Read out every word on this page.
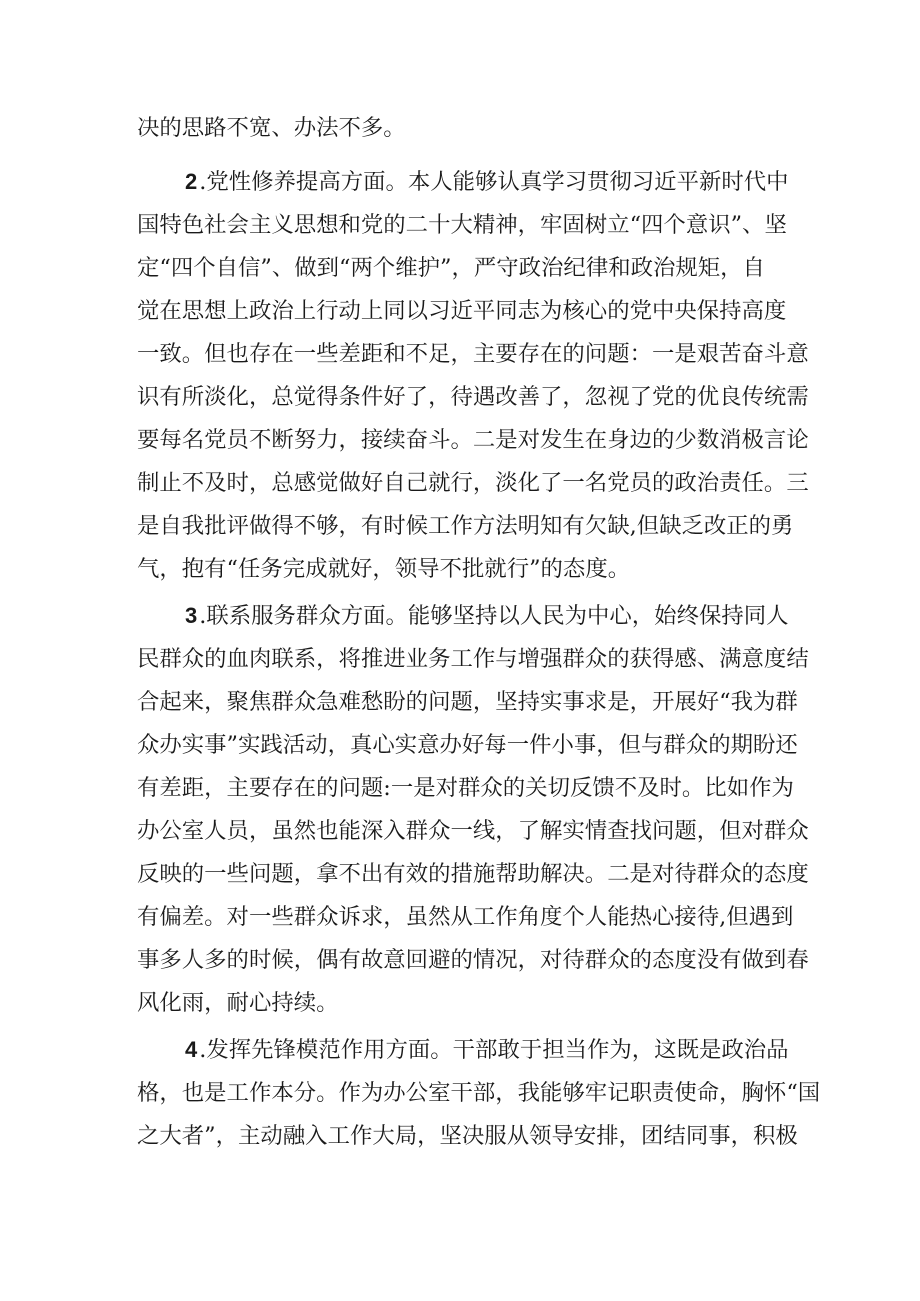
决的思路不宽、办法不多。
2.党性修养提高方面。本人能够认真学习贯彻习近平新时代中
国特色社会主义思想和党的二十大精神，牢固树立“四个意识”、坚
定“四个自信”、做到“两个维护”，严守政治纪律和政治规矩，自
觉在思想上政治上行动上同以习近平同志为核心的党中央保持高度
一致。但也存在一些差距和不足，主要存在的问题：一是艰苦奋斗意
识有所淡化，总觉得条件好了，待遇改善了，忽视了党的优良传统需
要每名党员不断努力，接续奋斗。二是对发生在身边的少数消极言论
制止不及时，总感觉做好自己就行，淡化了一名党员的政治责任。三
是自我批评做得不够，有时候工作方法明知有欠缺,但缺乏改正的勇
气，抱有“任务完成就好，领导不批就行”的态度。
3.联系服务群众方面。能够坚持以人民为中心，始终保持同人
民群众的血肉联系，将推进业务工作与增强群众的获得感、满意度结
合起来，聚焦群众急难愁盼的问题，坚持实事求是，开展好“我为群
众办实事”实践活动，真心实意办好每一件小事，但与群众的期盼还
有差距，主要存在的问题:一是对群众的关切反馈不及时。比如作为
办公室人员，虽然也能深入群众一线，了解实情查找问题，但对群众
反映的一些问题，拿不出有效的措施帮助解决。二是对待群众的态度
有偏差。对一些群众诉求，虽然从工作角度个人能热心接待,但遇到
事多人多的时候，偶有故意回避的情况，对待群众的态度没有做到春
风化雨，耐心持续。
4.发挥先锋模范作用方面。干部敢于担当作为，这既是政治品
格，也是工作本分。作为办公室干部，我能够牢记职责使命，胸怀“国
之大者”，主动融入工作大局，坚决服从领导安排，团结同事，积极
